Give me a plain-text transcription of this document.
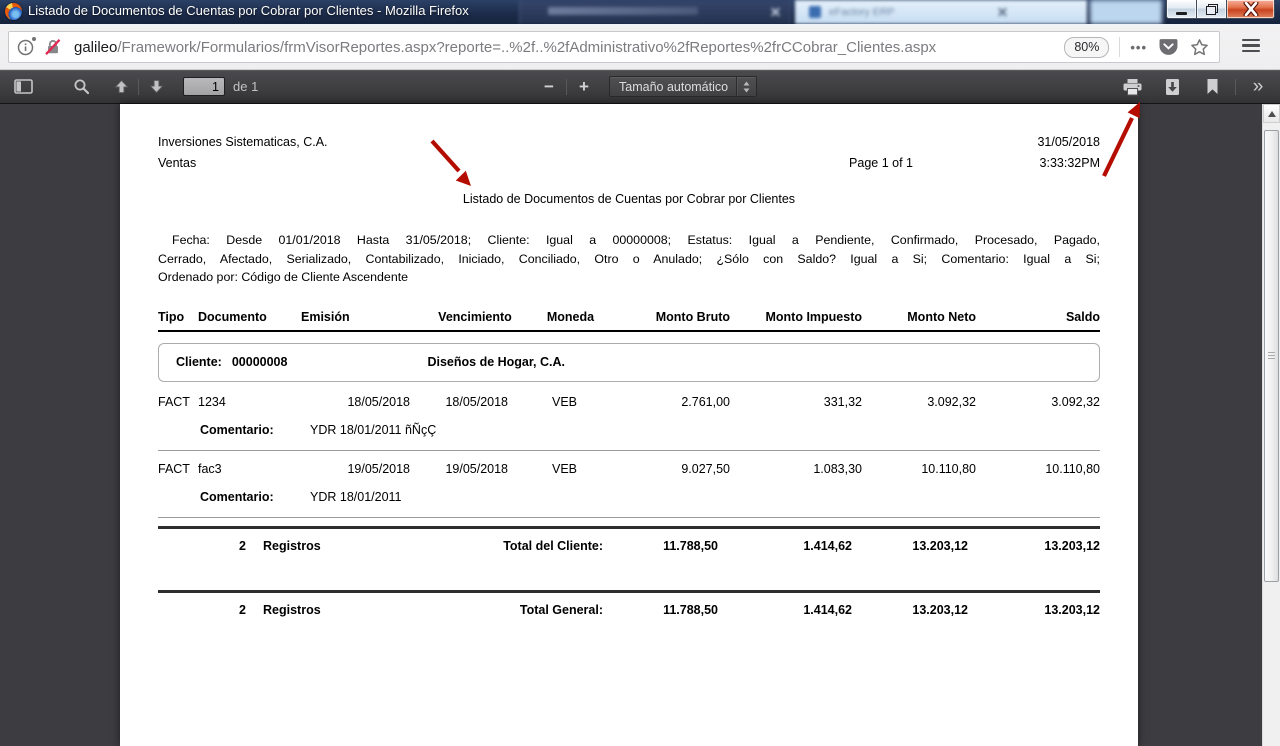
Listado de Documentos de Cuentas por Cobrar por Clientes - Mozilla Firefox	eFactory ERP
galileo/Framework/Formularios/frmVisorReportes.aspx?reporte=..%2f..%2fAdministrativo%2fReportes%2frCCobrar_Clientes.aspx	80%	•••
1
de 1	−	+	Tamaño automático	»
Inversiones Sistematicas, C.A.
Ventas
31/05/2018
Page 1 of 1	3:33:32PM
Listado de Documentos de Cuentas por Cobrar por Clientes
Fecha: Desde 01/01/2018 Hasta 31/05/2018; Cliente: Igual a 00000008; Estatus: Igual a Pendiente, Confirmado, Procesado, Pagado,
Cerrado, Afectado, Serializado, Contabilizado, Iniciado, Conciliado, Otro o Anulado; ¿Sólo con Saldo? Igual a Si; Comentario: Igual a Si;
Ordenado por: Código de Cliente Ascendente
Tipo	Documento	Emisión	Vencimiento	Moneda	Monto Bruto	Monto Impuesto	Monto Neto	Saldo

Cliente: 00000008 Diseños de Hogar, C.A.								

FACT	1234	18/05/2018	18/05/2018	VEB	2.761,00	331,32	3.092,32	3.092,32
Comentario: YDR 18/01/2011 ñÑçÇ								

FACT	fac3	19/05/2018	19/05/2018	VEB	9.027,50	1.083,30	10.110,80	10.110,80
Comentario: YDR 18/01/2011								

2 Registros	Total del Cliente:	11.788,50	1.414,62	13.203,12	13.203,12

2 Registros	Total General:	11.788,50	1.414,62	13.203,12	13.203,12
